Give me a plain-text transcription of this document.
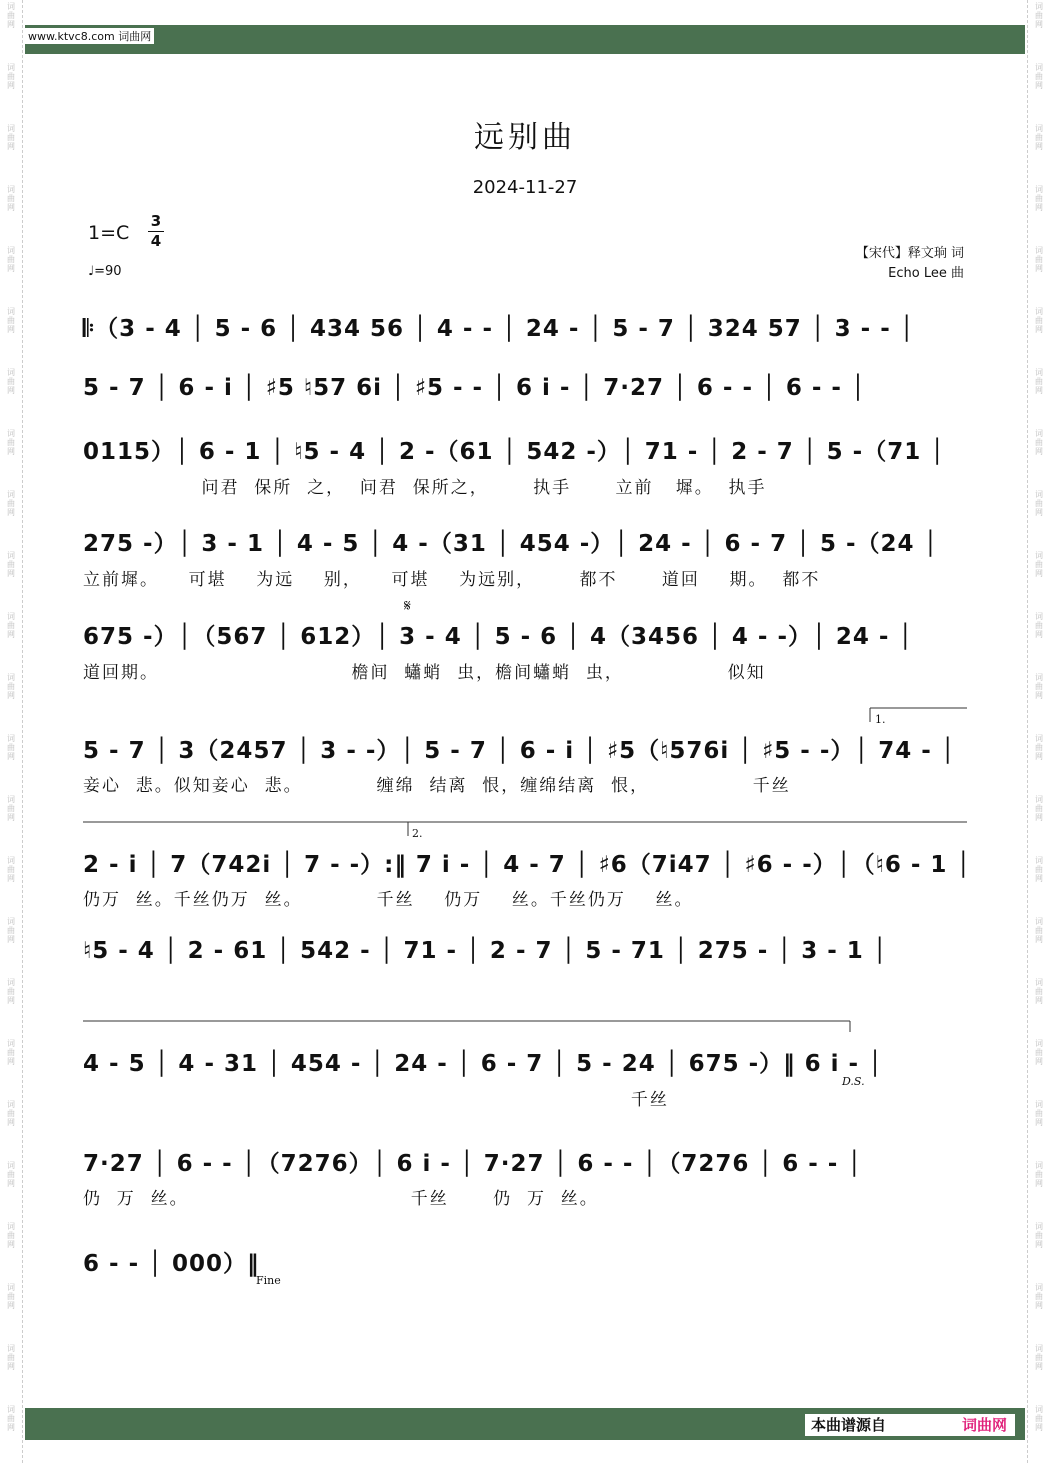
词
曲
网
词
曲
网
词
曲
网
词
曲
网
词
曲
网
词
曲
网
词
曲
网
词
曲
网
词
曲
网
词
曲
网
词
曲
网
词
曲
网
词
曲
网
词
曲
网
词
曲
网
词
曲
网
词
曲
网
词
曲
网
词
曲
网
词
曲
网
词
曲
网
词
曲
网
词
曲
网
词
曲
网
词
曲
网
词
曲
网
词
曲
网
词
曲
网
词
曲
网
词
曲
网
词
曲
网
词
曲
网
词
曲
网
词
曲
网
词
曲
网
词
曲
网
词
曲
网
词
曲
网
词
曲
网
词
曲
网
词
曲
网
词
曲
网
词
曲
网
词
曲
网
词
曲
网
词
曲
网
词
曲
网
词
曲
网
www.ktvc8.com 词曲网
远别曲
2024-11-27
1=C
3
4
♩=90
【宋代】释文珦 词
Echo Lee 曲
𝄆（3 - 4 │ 5 - 6 │ 434 56 │ 4 - - │ 24 - │ 5 - 7 │ 324 57 │ 3 - - │
5 - 7 │ 6 - i │ ♯5 ♮57 6i │ ♯5 - - │ 6 i - │ 7·27 │ 6 - - │ 6 - - │
0115）│ 6 - 1 │ ♮5 - 4 │ 2 -（61 │ 542 -）│ 71 - │ 2 - 7 │ 5 -（71 │
问君  保所  之，  问君  保所之，      执手      立前   墀。  执手
275 -）│ 3 - 1 │ 4 - 5 │ 4 -（31 │ 454 -）│ 24 - │ 6 - 7 │ 5 -（24 │
立前墀。    可堪    为远    别，    可堪    为远别，      都不      道回    期。  都不
𝄋
675 -）│（567 │ 612）│ 3 - 4 │ 5 - 6 │ 4（3456 │ 4 - -）│ 24 - │
道回期。                          檐间  蠨蛸  虫，檐间蠨蛸  虫，              似知
1.
5 - 7 │ 3（2457 │ 3 - -）│ 5 - 7 │ 6 - i │ ♯5（♮576i │ ♯5 - -）│ 74 - │
妾心  悲。似知妾心  悲。          缠绵  结离  恨，缠绵结离  恨，              千丝
2.
2 - i │ 7（742i │ 7 - -）:‖ 7 i - │ 4 - 7 │ ♯6（7i47 │ ♯6 - -）│（♮6 - 1 │
仍万  丝。千丝仍万  丝。          千丝    仍万    丝。千丝仍万    丝。
♮5 - 4 │ 2 - 61 │ 542 - │ 71 - │ 2 - 7 │ 5 - 71 │ 275 - │ 3 - 1 │
4 - 5 │ 4 - 31 │ 454 - │ 24 - │ 6 - 7 │ 5 - 24 │ 675 -）‖ 6 i - │
D.S.
千丝
7·27 │ 6 - - │（7276）│ 6 i - │ 7·27 │ 6 - - │（7276 │ 6 - - │
仍  万  丝。                              千丝      仍  万  丝。
6 - - │ 000）‖
Fine
本曲谱源自	词曲网
